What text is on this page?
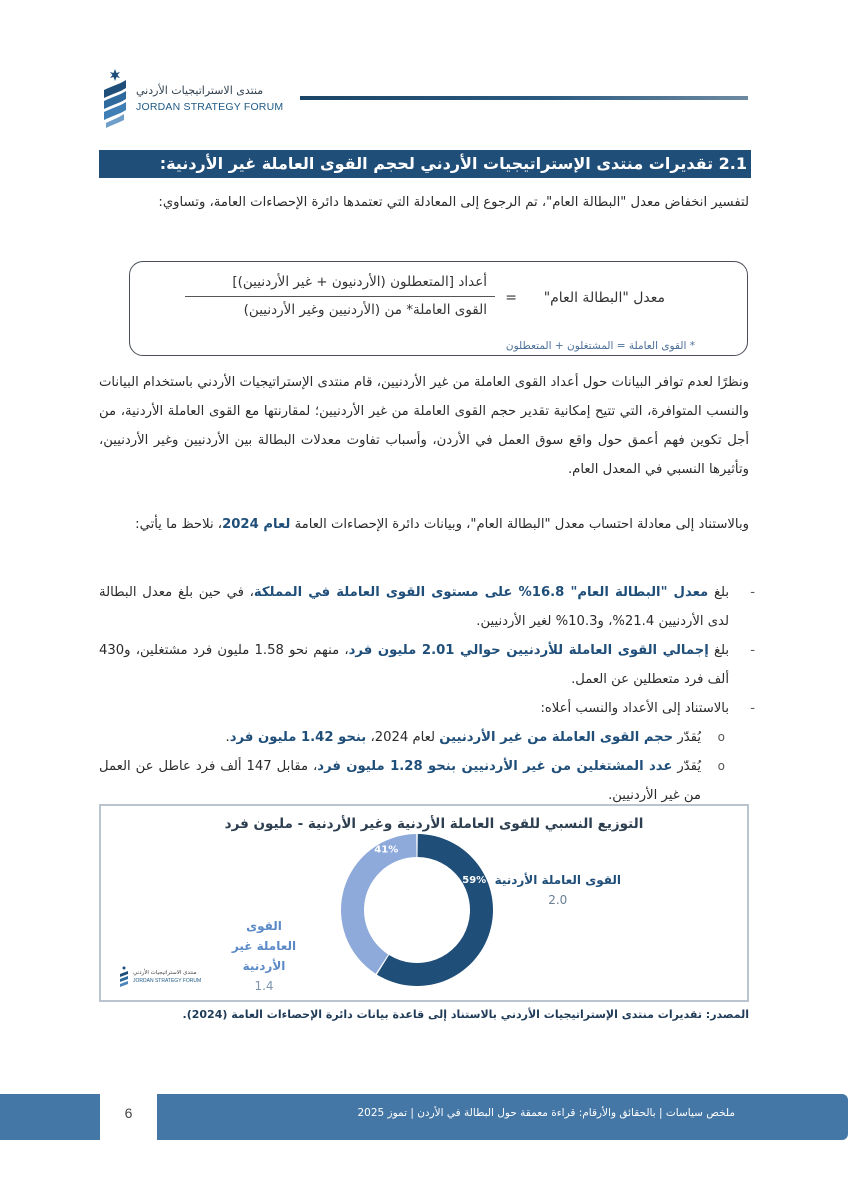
منتدى الاستراتيجيات الأردني
JORDAN STRATEGY FORUM
2.1 تقديرات منتدى الإستراتيجيات الأردني لحجم القوى العاملة غير الأردنية:
لتفسير انخفاض معدل "البطالة العام"، تم الرجوع إلى المعادلة التي تعتمدها دائرة الإحصاءات العامة، وتساوي:
معدل "البطالة العام"
=
أعداد [المتعطلون (الأردنيون + غير الأردنيين)]
القوى العاملة* من (الأردنيين وغير الأردنيين)
* القوى العاملة = المشتغلون + المتعطلون
ونظرًا لعدم توافر البيانات حول أعداد القوى العاملة من غير الأردنيين، قام منتدى الإستراتيجيات الأردني باستخدام البيانات والنسب المتوافرة، التي تتيح إمكانية تقدير حجم القوى العاملة من غير الأردنيين؛ لمقارنتها مع القوى العاملة الأردنية، من أجل تكوين فهم أعمق حول واقع سوق العمل في الأردن، وأسباب تفاوت معدلات البطالة بين الأردنيين وغير الأردنيين، وتأثيرها النسبي في المعدل العام.
وبالاستناد إلى معادلة احتساب معدل "البطالة العام"، وبيانات دائرة الإحصاءات العامة لعام 2024، نلاحظ ما يأتي:
-
بلغ معدل "البطالة العام" 16.8% على مستوى القوى العاملة في المملكة، في حين بلغ معدل البطالة لدى الأردنيين 21.4%، و10.3% لغير الأردنيين.
-
بلغ إجمالي القوى العاملة للأردنيين حوالي 2.01 مليون فرد، منهم نحو 1.58 مليون فرد مشتغلين، و430 ألف فرد متعطلين عن العمل.
-
بالاستناد إلى الأعداد والنسب أعلاه:
o
يُقدّر حجم القوى العاملة من غير الأردنيين لعام 2024، بنحو 1.42 مليون فرد.
o
يُقدّر عدد المشتغلين من غير الأردنيين بنحو 1.28 مليون فرد، مقابل 147 ألف فرد عاطل عن العمل من غير الأردنيين.
59%
41%
التوزيع النسبي للقوى العاملة الأردنية وغير الأردنية - مليون فرد
القوى العاملة الأردنية
2.0
القوى العاملة غير الأردنية
1.4
منتدى الاستراتيجيات الأردني
JORDAN STRATEGY FORUM
المصدر: تقديرات منتدى الإستراتيجيات الأردني بالاستناد إلى قاعدة بيانات دائرة الإحصاءات العامة (2024).
6	ملخص سياسات | بالحقائق والأرقام: قراءة معمقة حول البطالة في الأردن | تموز 2025
